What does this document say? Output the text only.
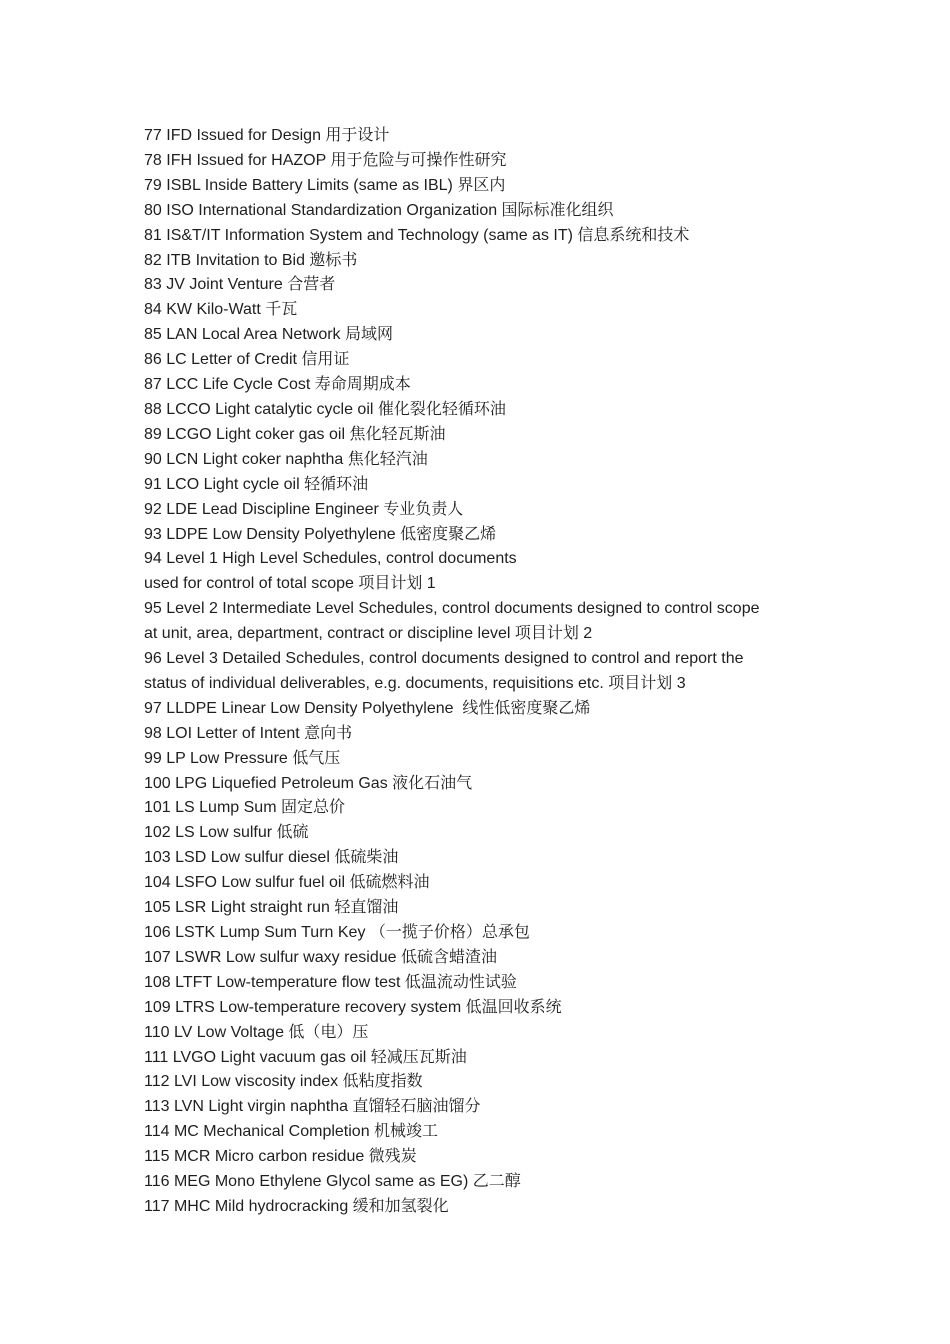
77 IFD Issued for Design 用于设计
78 IFH Issued for HAZOP 用于危险与可操作性研究
79 ISBL Inside Battery Limits (same as IBL) 界区内
80 ISO International Standardization Organization 国际标准化组织
81 IS&T/IT Information System and Technology (same as IT) 信息系统和技术
82 ITB Invitation to Bid 邀标书
83 JV Joint Venture 合营者
84 KW Kilo-Watt 千瓦
85 LAN Local Area Network 局域网
86 LC Letter of Credit 信用证
87 LCC Life Cycle Cost 寿命周期成本
88 LCCO Light catalytic cycle oil 催化裂化轻循环油
89 LCGO Light coker gas oil 焦化轻瓦斯油
90 LCN Light coker naphtha 焦化轻汽油
91 LCO Light cycle oil 轻循环油
92 LDE Lead Discipline Engineer 专业负责人
93 LDPE Low Density Polyethylene 低密度聚乙烯
94 Level 1 High Level Schedules, control documents
used for control of total scope 项目计划 1
95 Level 2 Intermediate Level Schedules, control documents designed to control scope
at unit, area, department, contract or discipline level 项目计划 2
96 Level 3 Detailed Schedules, control documents designed to control and report the
status of individual deliverables, e.g. documents, requisitions etc. 项目计划 3
97 LLDPE Linear Low Density Polyethylene  线性低密度聚乙烯
98 LOI Letter of Intent 意向书
99 LP Low Pressure 低气压
100 LPG Liquefied Petroleum Gas 液化石油气
101 LS Lump Sum 固定总价
102 LS Low sulfur 低硫
103 LSD Low sulfur diesel 低硫柴油
104 LSFO Low sulfur fuel oil 低硫燃料油
105 LSR Light straight run 轻直馏油
106 LSTK Lump Sum Turn Key （一揽子价格）总承包
107 LSWR Low sulfur waxy residue 低硫含蜡渣油
108 LTFT Low-temperature flow test 低温流动性试验
109 LTRS Low-temperature recovery system 低温回收系统
110 LV Low Voltage 低（电）压
111 LVGO Light vacuum gas oil 轻减压瓦斯油
112 LVI Low viscosity index 低粘度指数
113 LVN Light virgin naphtha 直馏轻石脑油馏分
114 MC Mechanical Completion 机械竣工
115 MCR Micro carbon residue 微残炭
116 MEG Mono Ethylene Glycol same as EG) 乙二醇
117 MHC Mild hydrocracking 缓和加氢裂化
